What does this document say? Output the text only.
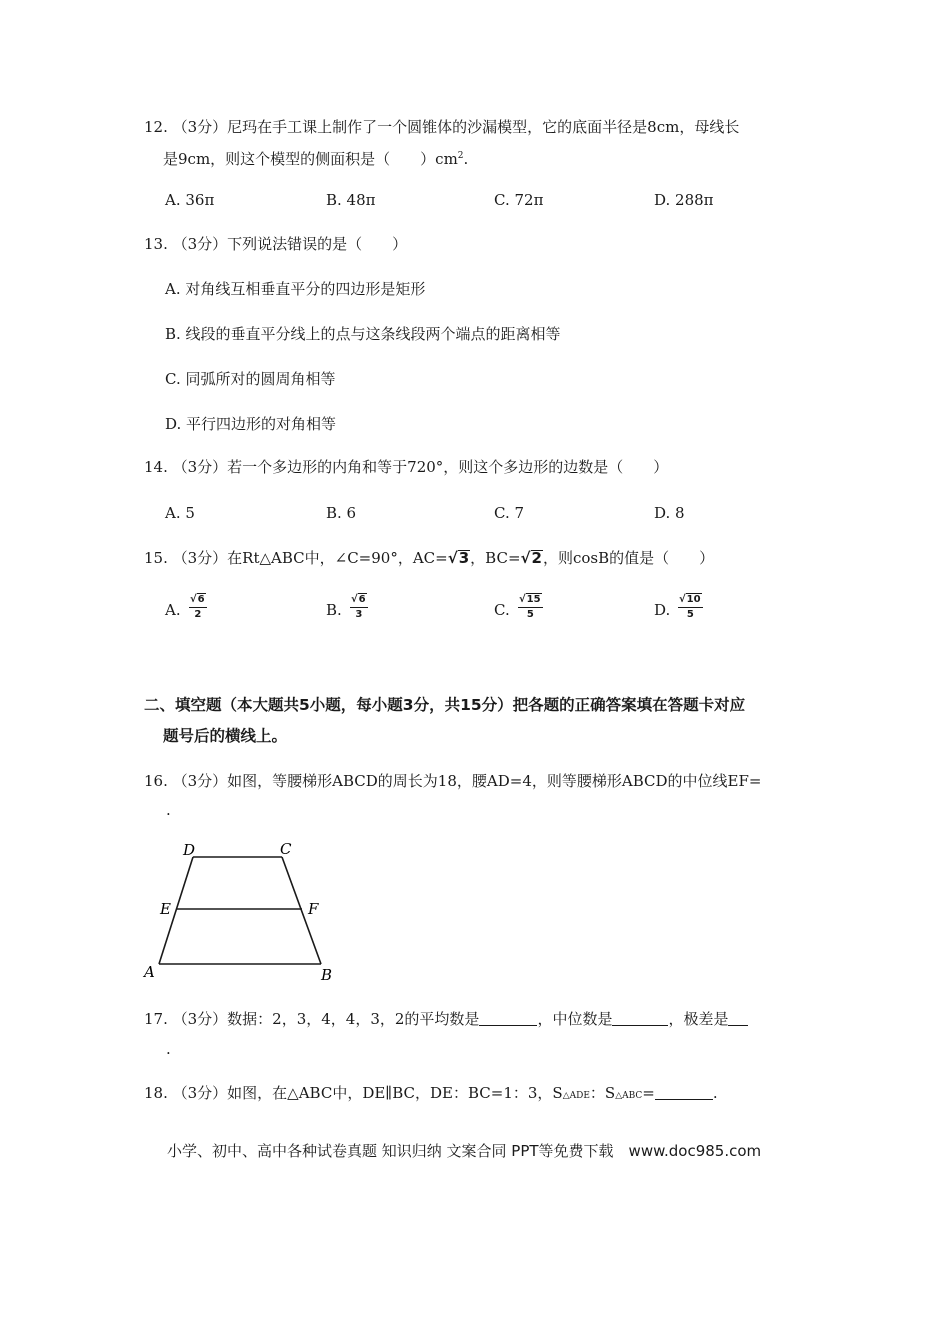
12. （3分）尼玛在手工课上制作了一个圆锥体的沙漏模型，它的底面半径是8cm，母线长
是9cm，则这个模型的侧面积是（　　）$cm^2$.
A. 36π	B. 48π	C. 72π	D. 288π
13. （3分）下列说法错误的是（　　）
A. 对角线互相垂直平分的四边形是矩形
B. 线段的垂直平分线上的点与这条线段两个端点的距离相等
C. 同弧所对的圆周角相等
D. 平行四边形的对角相等
14. （3分）若一个多边形的内角和等于720°，则这个多边形的边数是（　　）
A. 5	B. 6	C. 7	D. 8
15. （3分）在Rt△ABC中，∠C=90°，AC=√3，BC=√2，则cosB的值是（　　）
A. $\frac{√6}{2}$	B. $\frac{√6}{3}$	C. $\frac{√15}{5}$	D. $\frac{√10}{5}$
二、填空题（本大题共5小题，每小题3分，共15分）把各题的正确答案填在答题卡对应
题号后的横线上。
16. （3分）如图，等腰梯形ABCD的周长为18，腰AD=4，则等腰梯形ABCD的中位线EF=
.
D	C
E	F
A	B
17. （3分）数据：2，3，4，4，3，2的平均数是	，中位数是	，极差是
.
18. （3分）如图，在△ABC中，DE∥BC，DE：BC=1：3，S△ADE：S△ABC=	.
小学、初中、高中各种试卷真题 知识归纳 文案合同 PPT等免费下载　www.doc985.com
